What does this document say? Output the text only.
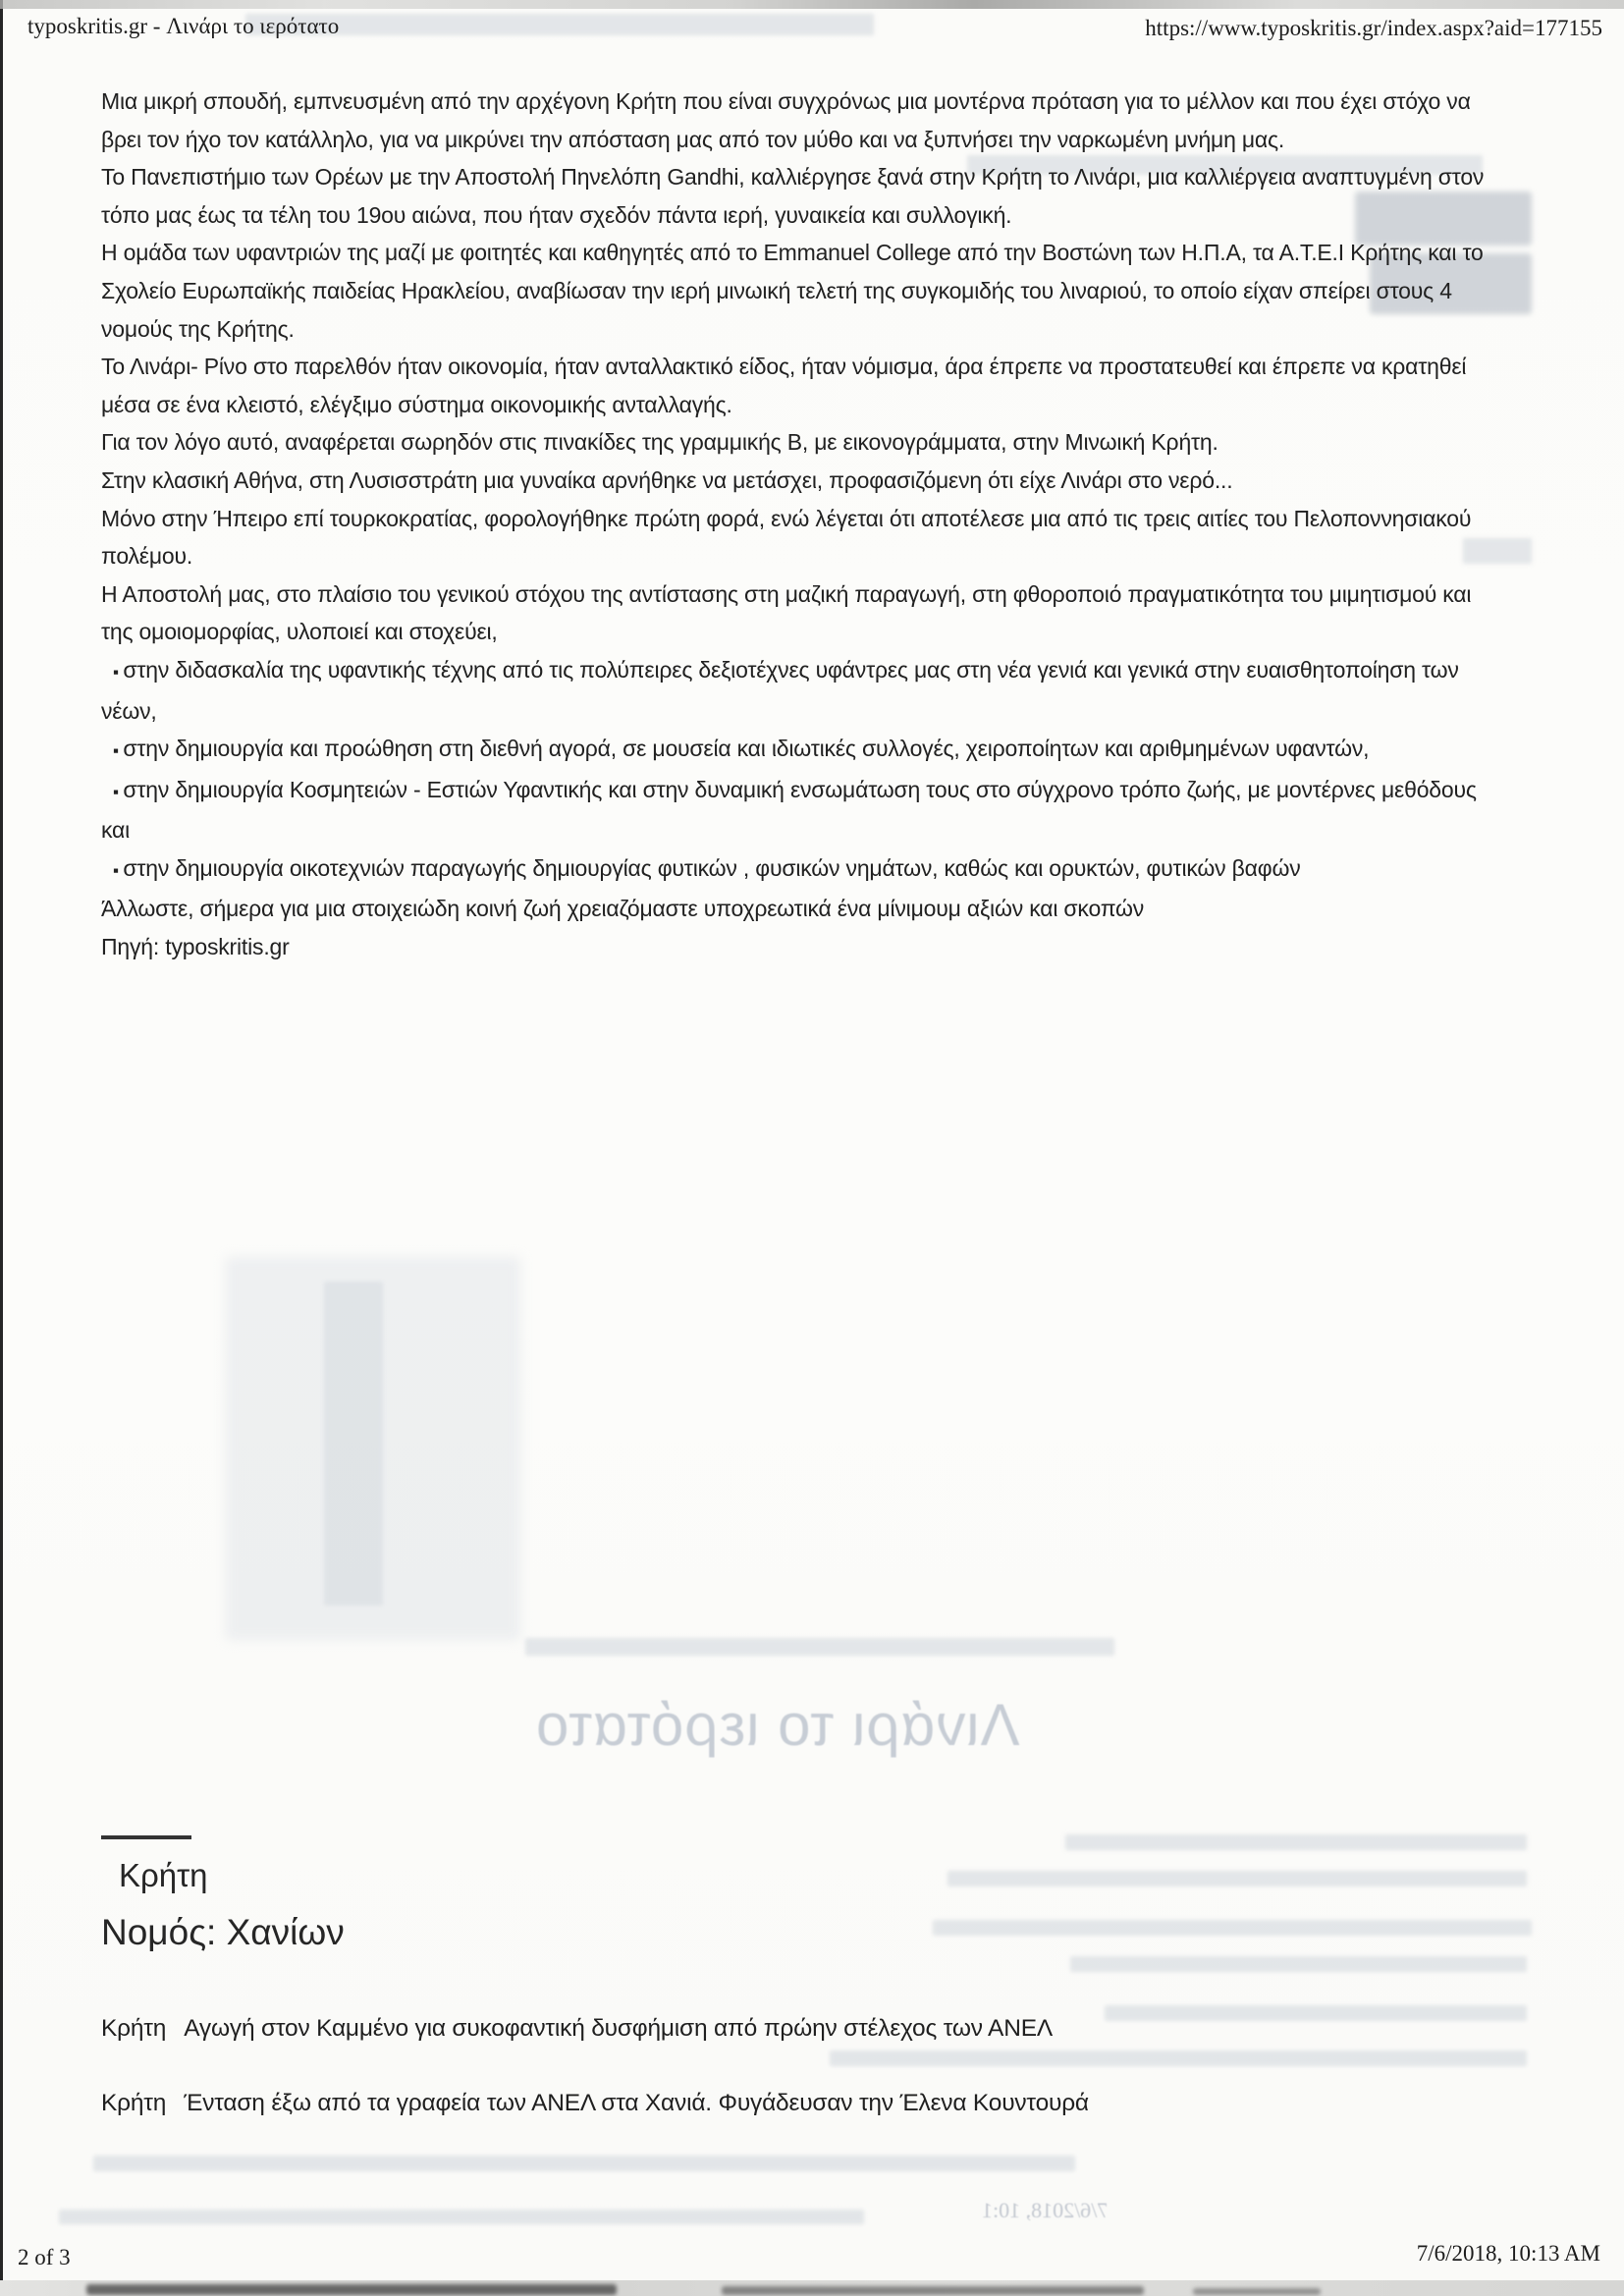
Λινάρι το ιερότατο
7/6/2018, 10:1
typoskritis.gr - Λινάρι το ιερότατο	https://www.typoskritis.gr/index.aspx?aid=177155

Μια μικρή σπουδή, εμπνευσμένη από την αρχέγονη Κρήτη που είναι συγχρόνως μια μοντέρνα πρόταση για το μέλλον και που έχει στόχο να βρει τον ήχο τον κατάλληλο, για να μικρύνει την απόσταση μας από τον μύθο και να ξυπνήσει την ναρκωμένη μνήμη μας.

Το Πανεπιστήμιο των Ορέων με την Αποστολή Πηνελόπη Gandhi, καλλιέργησε ξανά στην Κρήτη το Λινάρι, μια καλλιέργεια αναπτυγμένη στον τόπο μας έως τα τέλη του 19ου αιώνα, που ήταν σχεδόν πάντα ιερή, γυναικεία και συλλογική.

Η ομάδα των υφαντριών της μαζί με φοιτητές και καθηγητές από το Emmanuel College από την Βοστώνη των Η.Π.Α, τα Α.Τ.Ε.Ι Κρήτης και το Σχολείο Ευρωπαϊκής παιδείας Ηρακλείου, αναβίωσαν την ιερή μινωική τελετή της συγκομιδής του λιναριού, το οποίο είχαν σπείρει στους 4 νομούς της Κρήτης.

Το Λινάρι- Ρίνο στο παρελθόν ήταν οικονομία, ήταν ανταλλακτικό είδος, ήταν νόμισμα, άρα έπρεπε να προστατευθεί και έπρεπε να κρατηθεί μέσα σε ένα κλειστό, ελέγξιμο σύστημα οικονομικής ανταλλαγής.

Για τον λόγο αυτό, αναφέρεται σωρηδόν στις πινακίδες της γραμμικής Β, με εικονογράμματα, στην Μινωική Κρήτη.

Στην κλασική Αθήνα, στη Λυσισστράτη μια γυναίκα αρνήθηκε να μετάσχει, προφασιζόμενη ότι είχε Λινάρι στο νερό...

Μόνο στην Ήπειρο επί τουρκοκρατίας, φορολογήθηκε πρώτη φορά, ενώ λέγεται ότι αποτέλεσε μια από τις τρεις αιτίες του Πελοποννησιακού πολέμου.

Η Αποστολή μας, στο πλαίσιο του γενικού στόχου της αντίστασης στη μαζική παραγωγή, στη φθοροποιό πραγματικότητα του μιμητισμού και της ομοιομορφίας, υλοποιεί και στοχεύει,

▪ στην διδασκαλία της υφαντικής τέχνης από τις πολύπειρες δεξιοτέχνες υφάντρες μας στη νέα γενιά και γενικά στην ευαισθητοποίηση των νέων,

▪ στην δημιουργία και προώθηση στη διεθνή αγορά, σε μουσεία και ιδιωτικές συλλογές, χειροποίητων και αριθμημένων υφαντών,

▪ στην δημιουργία Κοσμητειών - Εστιών Υφαντικής και στην δυναμική ενσωμάτωση τους στο σύγχρονο τρόπο ζωής, με μοντέρνες μεθόδους και

▪ στην δημιουργία οικοτεχνιών παραγωγής δημιουργίας φυτικών , φυσικών νημάτων, καθώς και ορυκτών, φυτικών βαφών

Άλλωστε, σήμερα για μια στοιχειώδη κοινή ζωή χρειαζόμαστε υποχρεωτικά ένα μίνιμουμ αξιών και σκοπών

Πηγή: typoskritis.gr

Κρήτη
Νομός: Χανίων
Κρήτη Αγωγή στον Καμμένο για συκοφαντική δυσφήμιση από πρώην στέλεχος των ΑΝΕΛ
Κρήτη Ένταση έξω από τα γραφεία των ΑΝΕΛ στα Χανιά. Φυγάδευσαν την Έλενα Κουντουρά
2 of 3	7/6/2018, 10:13 AM
